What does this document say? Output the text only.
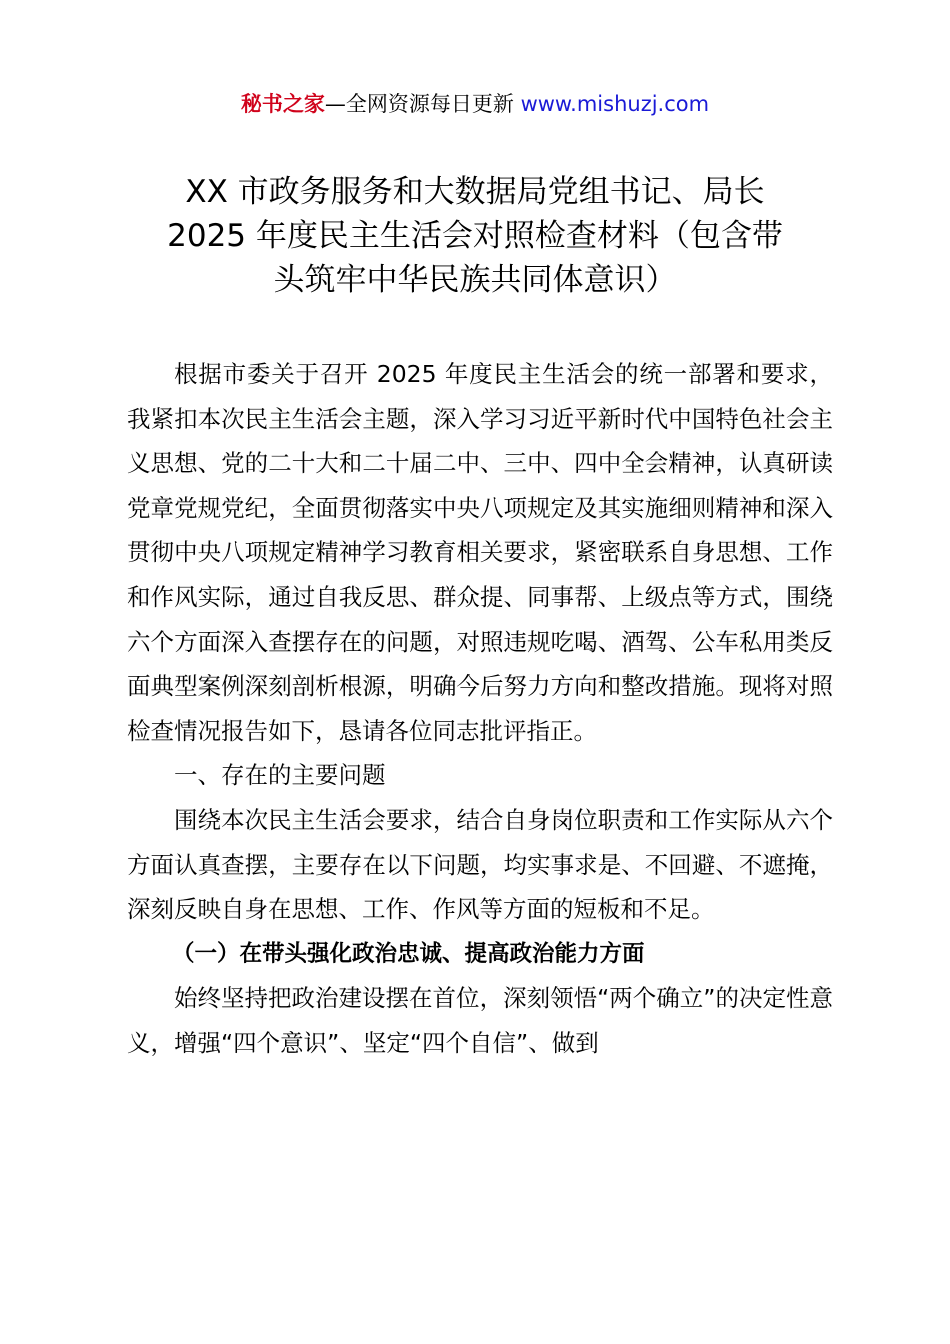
秘书之家—全网资源每日更新 www.mishuzj.com
XX 市政务服务和大数据局党组书记、局长
2025 年度民主生活会对照检查材料（包含带
头筑牢中华民族共同体意识）

根据市委关于召开 2025 年度民主生活会的统一部署和要求，我紧扣本次民主生活会主题，深入学习习近平新时代中国特色社会主义思想、党的二十大和二十届二中、三中、四中全会精神，认真研读党章党规党纪，全面贯彻落实中央八项规定及其实施细则精神和深入贯彻中央八项规定精神学习教育相关要求，紧密联系自身思想、工作和作风实际，通过自我反思、群众提、同事帮、上级点等方式，围绕六个方面深入查摆存在的问题，对照违规吃喝、酒驾、公车私用类反面典型案例深刻剖析根源，明确今后努力方向和整改措施。现将对照检查情况报告如下，恳请各位同志批评指正。

一、存在的主要问题

围绕本次民主生活会要求，结合自身岗位职责和工作实际从六个方面认真查摆，主要存在以下问题，均实事求是、不回避、不遮掩，深刻反映自身在思想、工作、作风等方面的短板和不足。

（一）在带头强化政治忠诚、提高政治能力方面

始终坚持把政治建设摆在首位，深刻领悟“两个确立”的决定性意义，增强“四个意识”、坚定“四个自信”、做到
